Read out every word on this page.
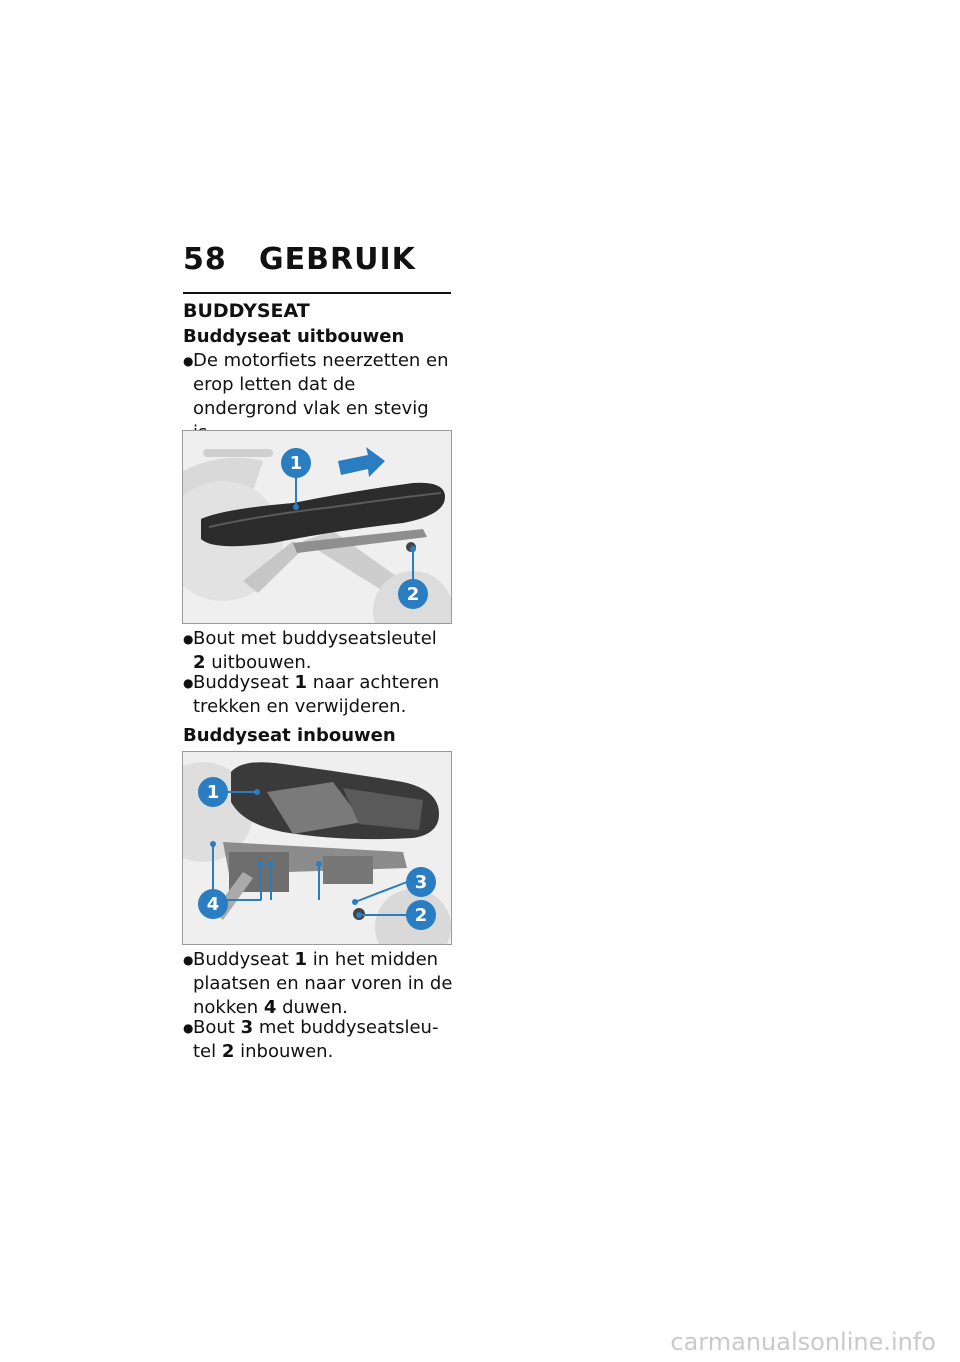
58 GEBRUIK
BUDDYSEAT
Buddyseat uitbouwen
● De motorfiets neerzetten en erop letten dat de ondergrond vlak en stevig
1
2
● Bout met buddyseatsleutel 2 uitbouwen.
● Buddyseat 1 naar achteren trekken en verwijderen.
Buddyseat inbouwen
1
4
3
2
● Buddyseat 1 in het midden plaatsen en naar voren in de nokken 4 duwen.
● Bout 3 met buddyseatsleu- tel 2 inbouwen.
carmanualsonline.info
